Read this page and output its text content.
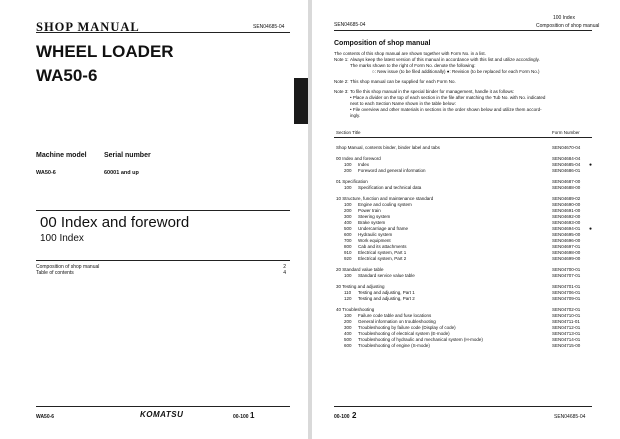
SHOP MANUAL	SEN04685-04
WHEEL LOADER
WA50-6
Machine model Serial number
WA50-6	60001 and up
00 Index and foreword
100 Index
Composition of shop manual	2
Table of contents	4
WA50-6	KOMATSU	00-100 1
SEN04685-04
100 Index
Composition of shop manual
Composition of shop manual
The contents of this shop manual are shown together with Form No. in a list.
Note 1: Always keep the latest version of this manual in accordance with this list and utilize accordingly.
The marks shown to the right of Form No. denote the following:
○: New issue (to be filed additionally) ●: Revision (to be replaced for each Form No.)
Note 2: This shop manual can be supplied for each Form No.
Note 3: To file this shop manual in the special binder for management, handle it as follows:
• Place a divider on the top of each section in the file after matching the Tub No. with No. indicated
next to each Section Name shown in the table below:
• File overview and other materials in sections in the order shown below and utilize them accord-
ingly.
Section Title	Form Number
Shop Manual, contents binder, binder label and tabs	SEN04670-04
00 Index and foreword	SEN04684-04
100 Index	SEN04685-04 ●
200 Foreword and general information	SEN04686-01
01 Specification	SEN04687-00
100 Specification and technical data	SEN04688-00
10 Structure, function and maintenance standard	SEN04689-02
100 Engine and cooling system	SEN04690-00
200 Power train	SEN04691-00
300 Steering system	SEN04692-00
400 Brake system	SEN04693-00
500 Undercarriage and frame	SEN04694-01 ●
600 Hydraulic system	SEN04695-00
700 Work equipment	SEN04696-00
800 Cab and its attachments	SEN04697-01
910 Electrical system, Part 1	SEN04698-00
920 Electrical system, Part 2	SEN04699-00
20 Standard value table	SEN04700-01
100 Standard service value table	SEN04707-01
30 Testing and adjusting	SEN04701-01
110 Testing and adjusting, Part 1	SEN04706-01
120 Testing and adjusting, Part 2	SEN04709-01
40 Troubleshooting	SEN04702-01
100 Failure code table and fuse locations	SEN04710-01
200 General information on troubleshooting	SEN04711-01
300 Troubleshooting by failure code (Display of code)	SEN04712-01
400 Troubleshooting of electrical system (E-mode)	SEN04713-01
500 Troubleshooting of hydraulic and mechanical system (H-mode)	SEN04714-01
600 Troubleshooting of engine (S-mode)	SEN04715-00
00-100 2	SEN04685-04
